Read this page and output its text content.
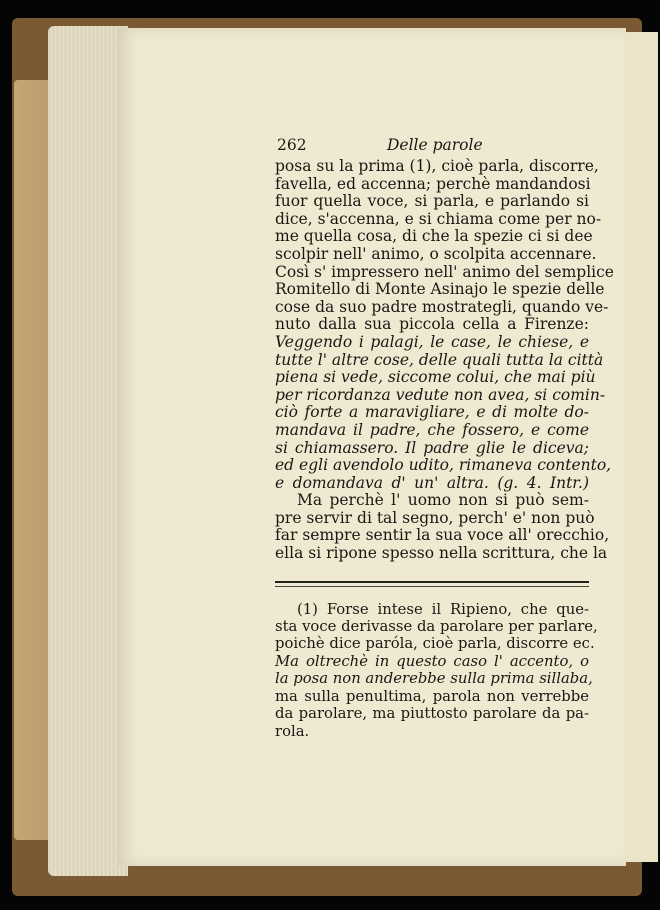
262	Delle parole
posa su la prima (1), cioè parla, discorre,
favella, ed accenna; perchè mandandosi
fuor quella voce, si parla, e parlando si
dice, s'accenna, e si chiama come per no-
me quella cosa, di che la spezie ci si dee
scolpir nell' animo, o scolpita accennare.
Così s' impressero nell' animo del semplice
Romitello di Monte Asinajo le spezie delle
cose da suo padre mostrategli, quando ve-
nuto dalla sua piccola cella a Firenze:
Veggendo i palagi, le case, le chiese, e
tutte l' altre cose, delle quali tutta la città
piena si vede, siccome colui, che mai più
per ricordanza vedute non avea, si comin-
ciò forte a maravigliare, e di molte do-
mandava il padre, che fossero, e come
si chiamassero. Il padre glie le diceva;
ed egli avendolo udito, rimaneva contento,
e domandava d' un' altra. (g. 4. Intr.)
Ma perchè l' uomo non si può sem-
pre servir di tal segno, perch' e' non può
far sempre sentir la sua voce all' orecchio,
ella si ripone spesso nella scrittura, che la
(1) Forse intese il Ripieno, che que-
sta voce derivasse da parolare per parlare,
poichè dice paróla, cioè parla, discorre ec.
Ma oltrechè in questo caso l' accento, o
la posa non anderebbe sulla prima sillaba,
ma sulla penultima, parola non verrebbe
da parolare, ma piuttosto parolare da pa-
rola.
